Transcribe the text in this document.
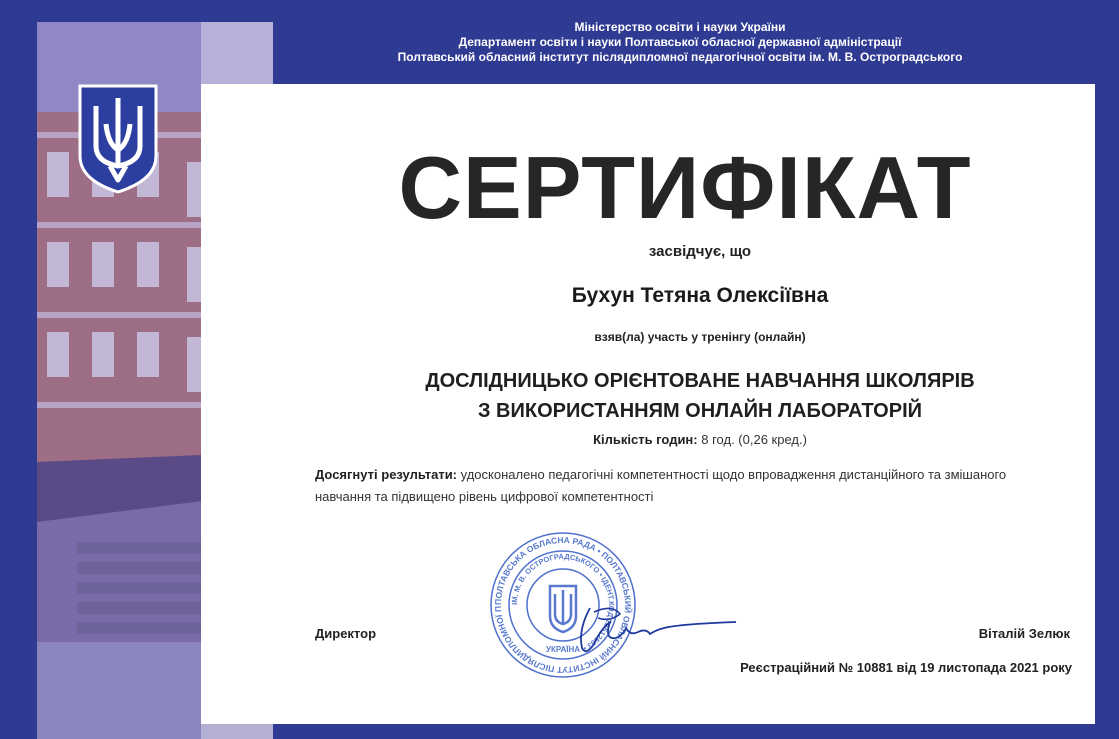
Міністерство освіти і науки України
Департамент освіти і науки Полтавської обласної державної адміністрації
Полтавський обласний інститут післядипломної педагогічної освіти ім. М. В. Остроградського
СЕРТИФІКАТ
засвідчує, що
Бухун Тетяна Олексіївна
взяв(ла) участь у тренінгу (онлайн)
ДОСЛІДНИЦЬКО ОРІЄНТОВАНЕ НАВЧАННЯ ШКОЛЯРІВ
З ВИКОРИСТАННЯМ ОНЛАЙН ЛАБОРАТОРІЙ
Кількість годин: 8 год. (0,26 кред.)
Досягнуті результати: удосконалено педагогічні компетентності щодо впровадження дистанційного та змішаного навчання та підвищено рівень цифрової компетентності
ПОЛТАВСЬКА ОБЛАСНА РАДА • ПОЛТАВСЬКИЙ ОБЛАСНИЙ ІНСТИТУТ ПІСЛЯДИПЛОМНОЇ П
ІМ. М. В. ОСТРОГРАДСЬКОГО • ІДЕНТ.КОД 22512563 •
УКРАЇНА
Директор	Віталій Зелюк
Реєстраційний № 10881 від 19 листопада 2021 року
